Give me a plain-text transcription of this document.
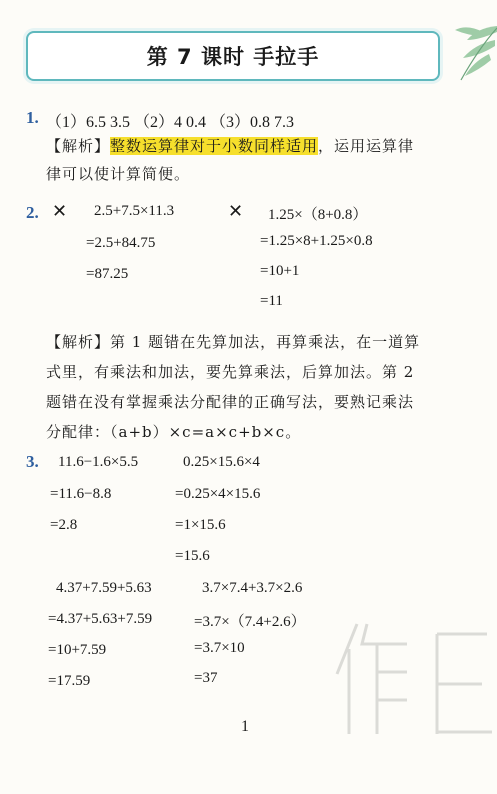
第 7 课时 手拉手
1. （1）6.5 3.5 （2）4 0.4 （3）0.8 7.3
【解析】整数运算律对于小数同样适用，运用运算律
律可以使计算简便。
2. ✕ 2.5+7.5×11.3
=2.5+84.75
=87.25
✕ 1.25×（8+0.8）
=1.25×8+1.25×0.8
=10+1
=11
【解析】第 1 题错在先算加法，再算乘法，在一道算
式里，有乘法和加法，要先算乘法，后算加法。第 2
题错在没有掌握乘法分配律的正确写法，要熟记乘法
分配律：（a+b）×c=a×c+b×c。
3. 11.6−1.6×5.5
=11.6−8.8
=2.8
0.25×15.6×4
=0.25×4×15.6
=1×15.6
=15.6
4.37+7.59+5.63
=4.37+5.63+7.59
=10+7.59
=17.59
3.7×7.4+3.7×2.6
=3.7×（7.4+2.6）
=3.7×10
=37
1
